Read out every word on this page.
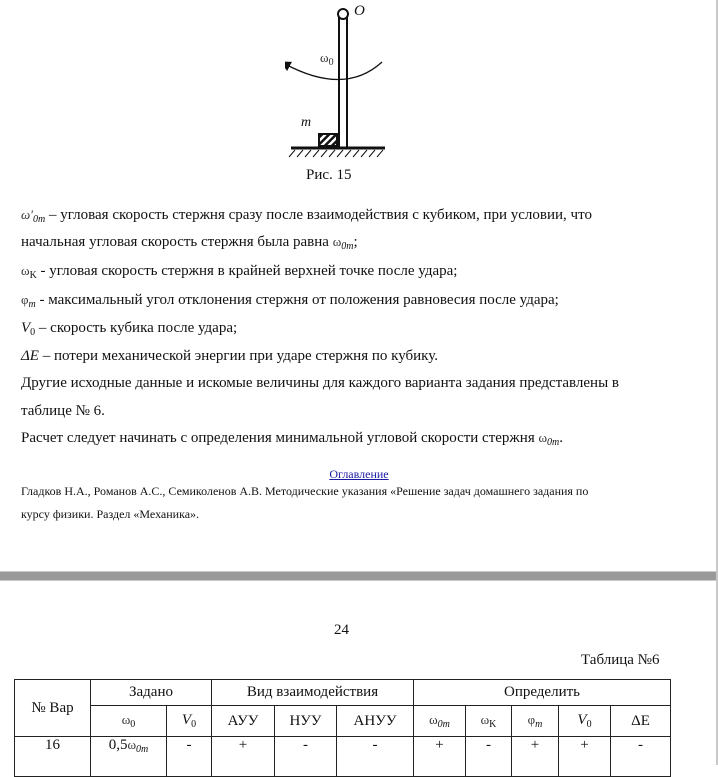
O
$\omega_0$
m
Рис. 15
$\omega'_{0m}$ – угловая скорость стержня сразу после взаимодействия с кубиком, при условии, что
начальная угловая скорость стержня была равна $\omega_{0m}$;
$\omega_K$ - угловая скорость стержня в крайней верхней точке после удара;
$\varphi_m$ - максимальный угол отклонения стержня от положения равновесия после удара;
$V_0$ – скорость кубика после удара;
ΔE – потери механической энергии при ударе стержня по кубику.
Другие исходные данные и искомые величины для каждого варианта задания представлены в
таблице № 6.
Расчет следует начинать с определения минимальной угловой скорости стержня $\omega_{0m}$.
Оглавление
Гладков Н.А., Романов А.С., Семиколенов А.В. Методические указания «Решение задач домашнего задания по
курсу физики. Раздел «Механика».
24
Таблица №6
№ Вар	Задано		Вид взаимодействия			Определить				
	$\omega_0$	$V_0$	АУУ	НУУ	АНУУ	$\omega_{0m}$	$\omega_K$	$\varphi_m$	$V_0$	ΔE
16	$0,5\omega_{0m}$	-	+	-	-	+	-	+	+	-
